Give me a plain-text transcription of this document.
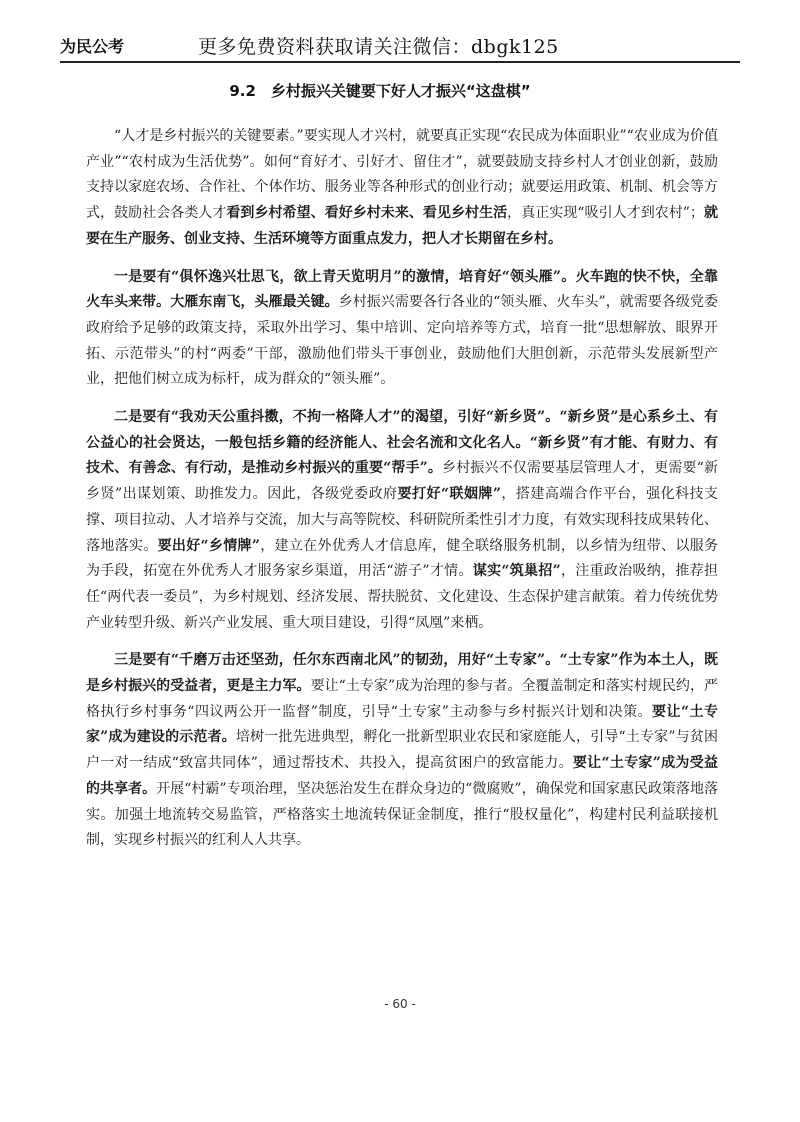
为民公考	更多免费资料获取请关注微信：dbgk125
9.2　乡村振兴关键要下好人才振兴“这盘棋”

“人才是乡村振兴的关键要素。”要实现人才兴村，就要真正实现“农民成为体面职业”“农业成为价值产业”“农村成为生活优势”。如何“育好才、引好才、留住才”，就要鼓励支持乡村人才创业创新，鼓励支持以家庭农场、合作社、个体作坊、服务业等各种形式的创业行动；就要运用政策、机制、机会等方式，鼓励社会各类人才看到乡村希望、看好乡村未来、看见乡村生活，真正实现“吸引人才到农村”；就要在生产服务、创业支持、生活环境等方面重点发力，把人才长期留在乡村。

一是要有“俱怀逸兴壮思飞，欲上青天览明月”的激情，培育好“领头雁”。火车跑的快不快，全靠火车头来带。大雁东南飞，头雁最关键。乡村振兴需要各行各业的“领头雁、火车头”，就需要各级党委政府给予足够的政策支持，采取外出学习、集中培训、定向培养等方式，培育一批“思想解放、眼界开拓、示范带头”的村“两委”干部，激励他们带头干事创业，鼓励他们大胆创新，示范带头发展新型产业，把他们树立成为标杆，成为群众的“领头雁”。

二是要有“我劝天公重抖擞，不拘一格降人才”的渴望，引好“新乡贤”。“新乡贤”是心系乡土、有公益心的社会贤达，一般包括乡籍的经济能人、社会名流和文化名人。“新乡贤”有才能、有财力、有技术、有善念、有行动，是推动乡村振兴的重要“帮手”。乡村振兴不仅需要基层管理人才，更需要“新乡贤”出谋划策、助推发力。因此，各级党委政府要打好“联姻牌”，搭建高端合作平台，强化科技支撑、项目拉动、人才培养与交流，加大与高等院校、科研院所柔性引才力度，有效实现科技成果转化、落地落实。要出好“乡情牌”，建立在外优秀人才信息库，健全联络服务机制，以乡情为纽带、以服务为手段，拓宽在外优秀人才服务家乡渠道，用活“游子”才情。谋实“筑巢招”，注重政治吸纳，推荐担任“两代表一委员”，为乡村规划、经济发展、帮扶脱贫、文化建设、生态保护建言献策。着力传统优势产业转型升级、新兴产业发展、重大项目建设，引得“凤凰”来栖。

三是要有“千磨万击还坚劲，任尔东西南北风”的韧劲，用好“土专家”。“土专家”作为本土人，既是乡村振兴的受益者，更是主力军。要让“土专家”成为治理的参与者。全覆盖制定和落实村规民约，严格执行乡村事务“四议两公开一监督”制度，引导“土专家”主动参与乡村振兴计划和决策。要让“土专家”成为建设的示范者。培树一批先进典型，孵化一批新型职业农民和家庭能人，引导“土专家”与贫困户一对一结成“致富共同体”，通过帮技术、共投入，提高贫困户的致富能力。要让“土专家”成为受益的共享者。开展“村霸”专项治理，坚决惩治发生在群众身边的“微腐败”，确保党和国家惠民政策落地落实。加强土地流转交易监管，严格落实土地流转保证金制度，推行“股权量化”，构建村民利益联接机制，实现乡村振兴的红利人人共享。

- 60 -
